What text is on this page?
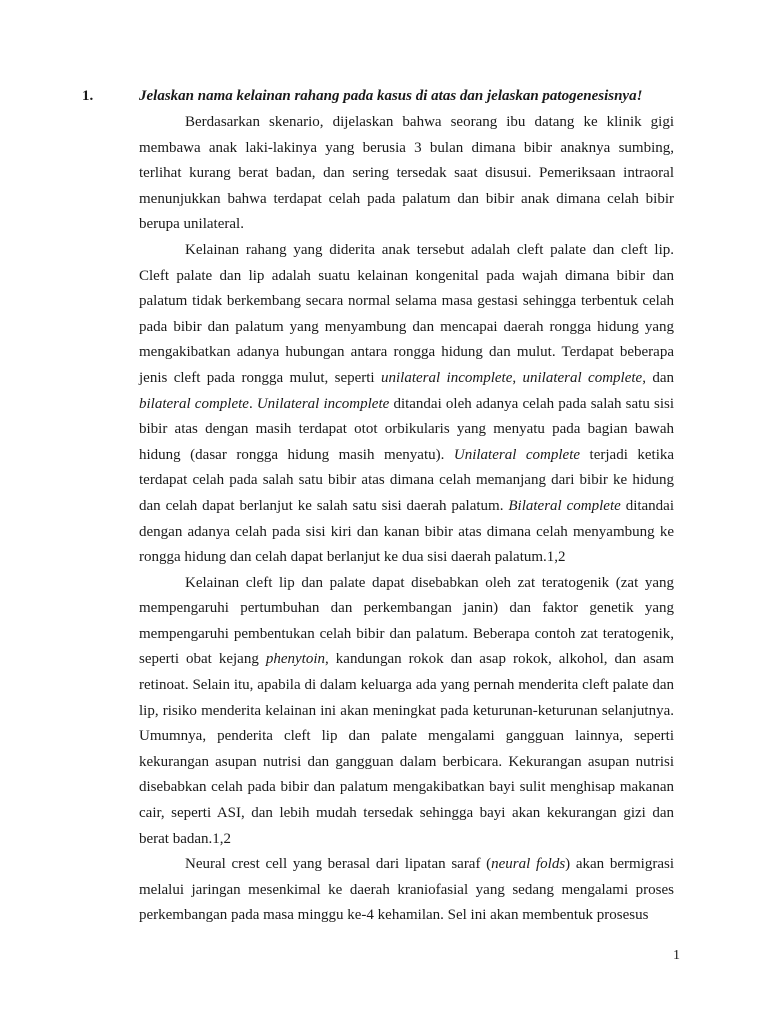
1.	Jelaskan nama kelainan rahang pada kasus di atas dan jelaskan patogenesisnya!

Berdasarkan skenario, dijelaskan bahwa seorang ibu datang ke klinik gigi membawa anak laki-lakinya yang berusia 3 bulan dimana bibir anaknya sumbing, terlihat kurang berat badan, dan sering tersedak saat disusui. Pemeriksaan intraoral menunjukkan bahwa terdapat celah pada palatum dan bibir anak dimana celah bibir berupa unilateral.

Kelainan rahang yang diderita anak tersebut adalah cleft palate dan cleft lip. Cleft palate dan lip adalah suatu kelainan kongenital pada wajah dimana bibir dan palatum tidak berkembang secara normal selama masa gestasi sehingga terbentuk celah pada bibir dan palatum yang menyambung dan mencapai daerah rongga hidung yang mengakibatkan adanya hubungan antara rongga hidung dan mulut. Terdapat beberapa jenis cleft pada rongga mulut, seperti unilateral incomplete, unilateral complete, dan bilateral complete. Unilateral incomplete ditandai oleh adanya celah pada salah satu sisi bibir atas dengan masih terdapat otot orbikularis yang menyatu pada bagian bawah hidung (dasar rongga hidung masih menyatu). Unilateral complete terjadi ketika terdapat celah pada salah satu bibir atas dimana celah memanjang dari bibir ke hidung dan celah dapat berlanjut ke salah satu sisi daerah palatum. Bilateral complete ditandai dengan adanya celah pada sisi kiri dan kanan bibir atas dimana celah menyambung ke rongga hidung dan celah dapat berlanjut ke dua sisi daerah palatum.1,2

Kelainan cleft lip dan palate dapat disebabkan oleh zat teratogenik (zat yang mempengaruhi pertumbuhan dan perkembangan janin) dan faktor genetik yang mempengaruhi pembentukan celah bibir dan palatum. Beberapa contoh zat teratogenik, seperti obat kejang phenytoin, kandungan rokok dan asap rokok, alkohol, dan asam retinoat. Selain itu, apabila di dalam keluarga ada yang pernah menderita cleft palate dan lip, risiko menderita kelainan ini akan meningkat pada keturunan-keturunan selanjutnya. Umumnya, penderita cleft lip dan palate mengalami gangguan lainnya, seperti kekurangan asupan nutrisi dan gangguan dalam berbicara. Kekurangan asupan nutrisi disebabkan celah pada bibir dan palatum mengakibatkan bayi sulit menghisap makanan cair, seperti ASI, dan lebih mudah tersedak sehingga bayi akan kekurangan gizi dan berat badan.1,2

Neural crest cell yang berasal dari lipatan saraf (neural folds) akan bermigrasi melalui jaringan mesenkimal ke daerah kraniofasial yang sedang mengalami proses perkembangan pada masa minggu ke-4 kehamilan. Sel ini akan membentuk prosesus

1
